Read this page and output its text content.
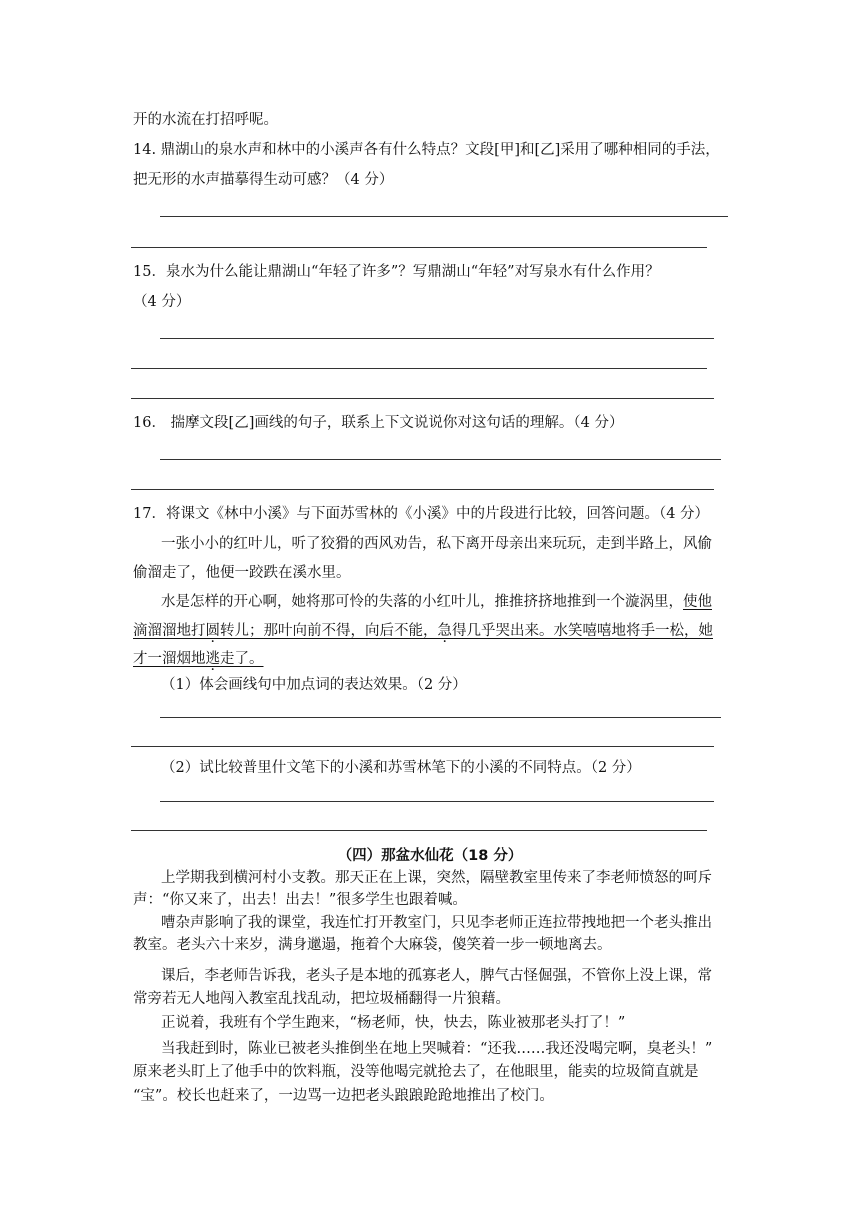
开的水流在打招呼呢。
14. 鼎湖山的泉水声和林中的小溪声各有什么特点？文段[甲]和[乙]采用了哪种相同的手法，
把无形的水声描摹得生动可感？（4 分）
15．泉水为什么能让鼎湖山“年轻了许多”？写鼎湖山“年轻”对写泉水有什么作用？
（4 分）
16． 揣摩文段[乙]画线的句子，联系上下文说说你对这句话的理解。（4 分）
17．将课文《林中小溪》与下面苏雪林的《小溪》中的片段进行比较，回答问题。（4 分）
一张小小的红叶儿，听了狡猾的西风劝告，私下离开母亲出来玩玩，走到半路上，风偷
偷溜走了，他便一跤跌在溪水里。
水是怎样的开心啊，她将那可怜的失落的小红叶儿，推推挤挤地推到一个漩涡里，使他
滴溜溜地打圆转儿；那叶向前不得，向后不能，急得几乎哭出来。水笑嘻嘻地将手一松，她
才一溜烟地逃走了。
（1）体会画线句中加点词的表达效果。（2 分）
（2）试比较普里什文笔下的小溪和苏雪林笔下的小溪的不同特点。（2 分）
（四）那盆水仙花（18 分）
上学期我到横河村小支教。那天正在上课，突然，隔壁教室里传来了李老师愤怒的呵斥
声：“你又来了，出去！出去！”很多学生也跟着喊。
嘈杂声影响了我的课堂，我连忙打开教室门，只见李老师正连拉带拽地把一个老头推出
教室。老头六十来岁，满身邋遢，拖着个大麻袋，傻笑着一步一顿地离去。
课后，李老师告诉我，老头子是本地的孤寡老人，脾气古怪倔强，不管你上没上课，常
常旁若无人地闯入教室乱找乱动，把垃圾桶翻得一片狼藉。
正说着，我班有个学生跑来，“杨老师，快，快去，陈业被那老头打了！”
当我赶到时，陈业已被老头推倒坐在地上哭喊着：“还我……我还没喝完啊，臭老头！”
原来老头盯上了他手中的饮料瓶，没等他喝完就抢去了，在他眼里，能卖的垃圾简直就是
“宝”。校长也赶来了，一边骂一边把老头踉踉跄跄地推出了校门。
